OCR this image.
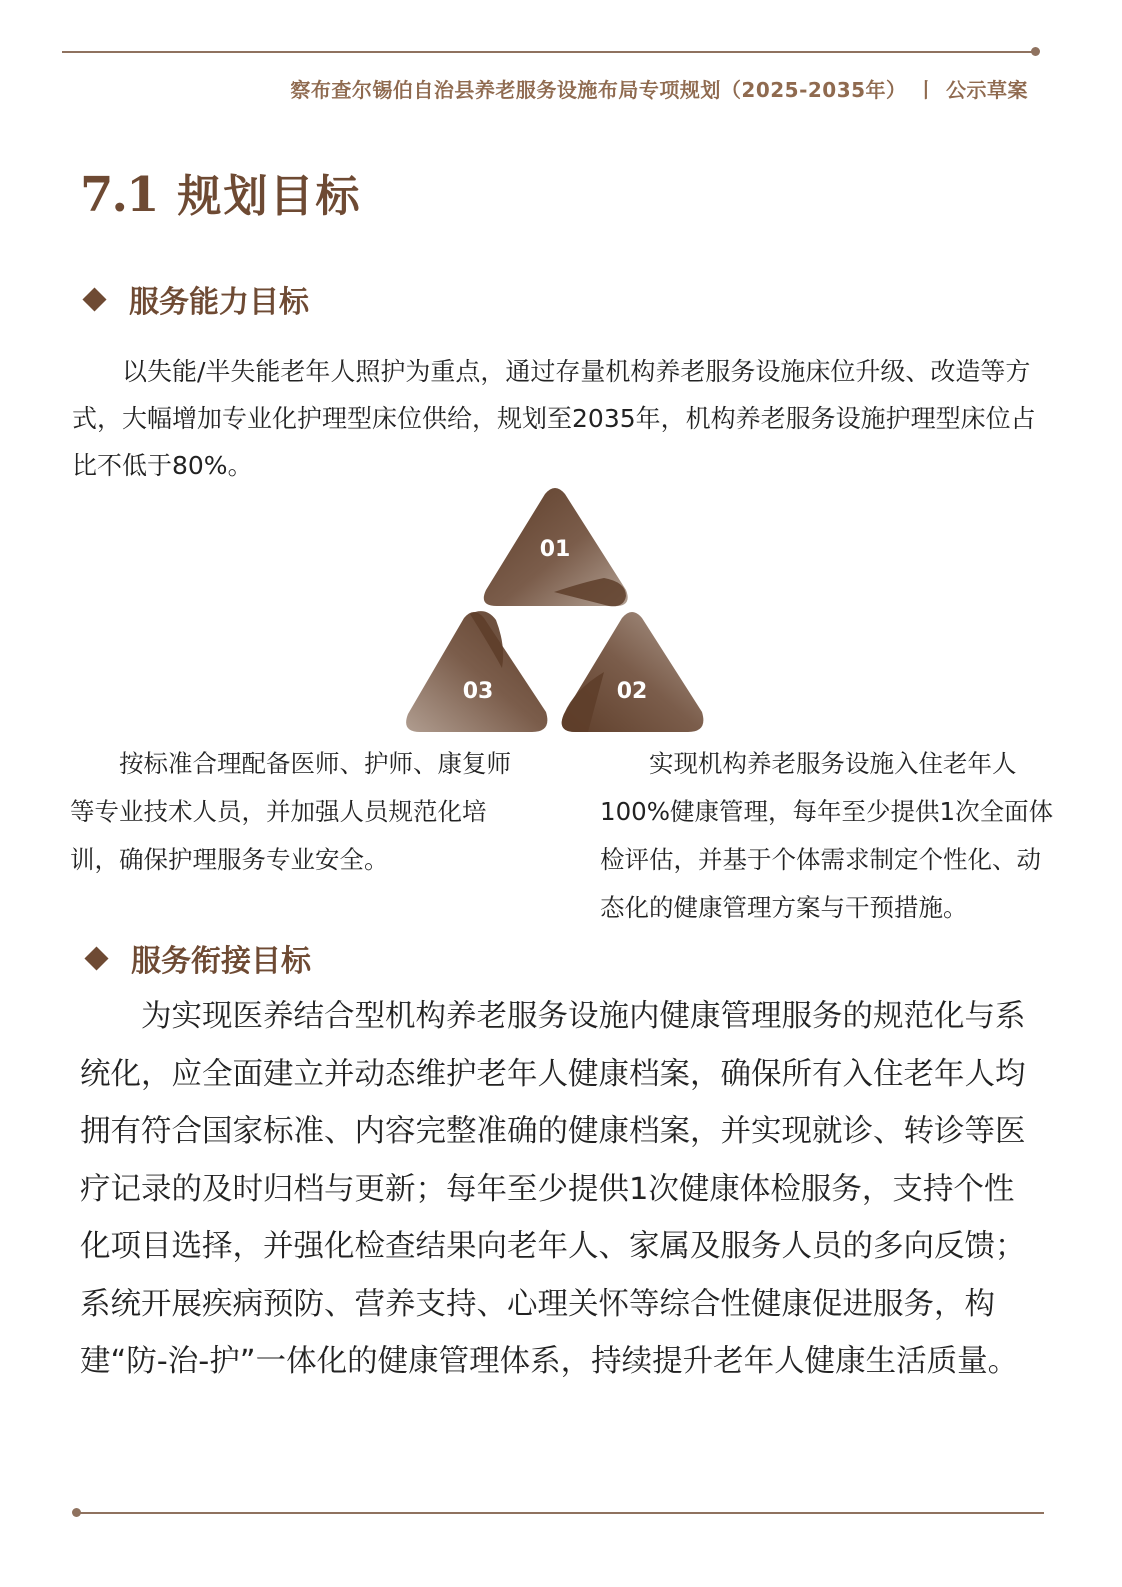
察布查尔锡伯自治县养老服务设施布局专项规划（2025-2035年） 丨 公示草案
7.1 规划目标
服务能力目标

以失能/半失能老年人照护为重点，通过存量机构养老服务设施床位升级、改造等方式，大幅增加专业化护理型床位供给，规划至2035年，机构养老服务设施护理型床位占比不低于80%。

01
03	02

按标准合理配备医师、护师、康复师等专业技术人员，并加强人员规范化培训，确保护理服务专业安全。

实现机构养老服务设施入住老年人100%健康管理，每年至少提供1次全面体检评估，并基于个体需求制定个性化、动态化的健康管理方案与干预措施。

服务衔接目标

为实现医养结合型机构养老服务设施内健康管理服务的规范化与系统化，应全面建立并动态维护老年人健康档案，确保所有入住老年人均拥有符合国家标准、内容完整准确的健康档案，并实现就诊、转诊等医疗记录的及时归档与更新；每年至少提供1次健康体检服务，支持个性化项目选择，并强化检查结果向老年人、家属及服务人员的多向反馈；系统开展疾病预防、营养支持、心理关怀等综合性健康促进服务，构建“防-治-护”一体化的健康管理体系，持续提升老年人健康生活质量。
